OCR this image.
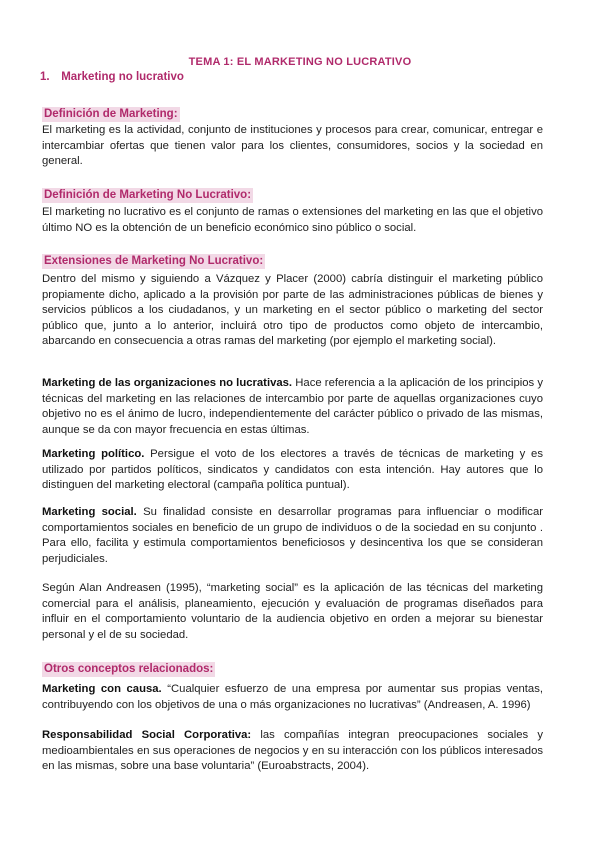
TEMA 1: EL MARKETING NO LUCRATIVO
1. Marketing no lucrativo
Definición de Marketing:

El marketing es la actividad, conjunto de instituciones y procesos para crear, comunicar, entregar e intercambiar ofertas que tienen valor para los clientes, consumidores, socios y la sociedad en general.

Definición de Marketing No Lucrativo:

El marketing no lucrativo es el conjunto de ramas o extensiones del marketing en las que el objetivo último NO es la obtención de un beneficio económico sino público o social.

Extensiones de Marketing No Lucrativo:

Dentro del mismo y siguiendo a Vázquez y Placer (2000) cabría distinguir el marketing público propiamente dicho, aplicado a la provisión por parte de las administraciones públicas de bienes y servicios públicos a los ciudadanos, y un marketing en el sector público o marketing del sector público que, junto a lo anterior, incluirá otro tipo de productos como objeto de intercambio, abarcando en consecuencia a otras ramas del marketing (por ejemplo el marketing social).

Marketing de las organizaciones no lucrativas. Hace referencia a la aplicación de los principios y técnicas del marketing en las relaciones de intercambio por parte de aquellas organizaciones cuyo objetivo no es el ánimo de lucro, independientemente del carácter público o privado de las mismas, aunque se da con mayor frecuencia en estas últimas.

Marketing político. Persigue el voto de los electores a través de técnicas de marketing y es utilizado por partidos políticos, sindicatos y candidatos con esta intención. Hay autores que lo distinguen del marketing electoral (campaña política puntual).

Marketing social. Su finalidad consiste en desarrollar programas para influenciar o modificar comportamientos sociales en beneficio de un grupo de individuos o de la sociedad en su conjunto . Para ello, facilita y estimula comportamientos beneficiosos y desincentiva los que se consideran perjudiciales.

Según Alan Andreasen (1995), “marketing social” es la aplicación de las técnicas del marketing comercial para el análisis, planeamiento, ejecución y evaluación de programas diseñados para influir en el comportamiento voluntario de la audiencia objetivo en orden a mejorar su bienestar personal y el de su sociedad.

Otros conceptos relacionados:

Marketing con causa. “Cualquier esfuerzo de una empresa por aumentar sus propias ventas, contribuyendo con los objetivos de una o más organizaciones no lucrativas” (Andreasen, A. 1996)

Responsabilidad Social Corporativa: las compañías integran preocupaciones sociales y medioambientales en sus operaciones de negocios y en su interacción con los públicos interesados en las mismas, sobre una base voluntaria” (Euroabstracts, 2004).
